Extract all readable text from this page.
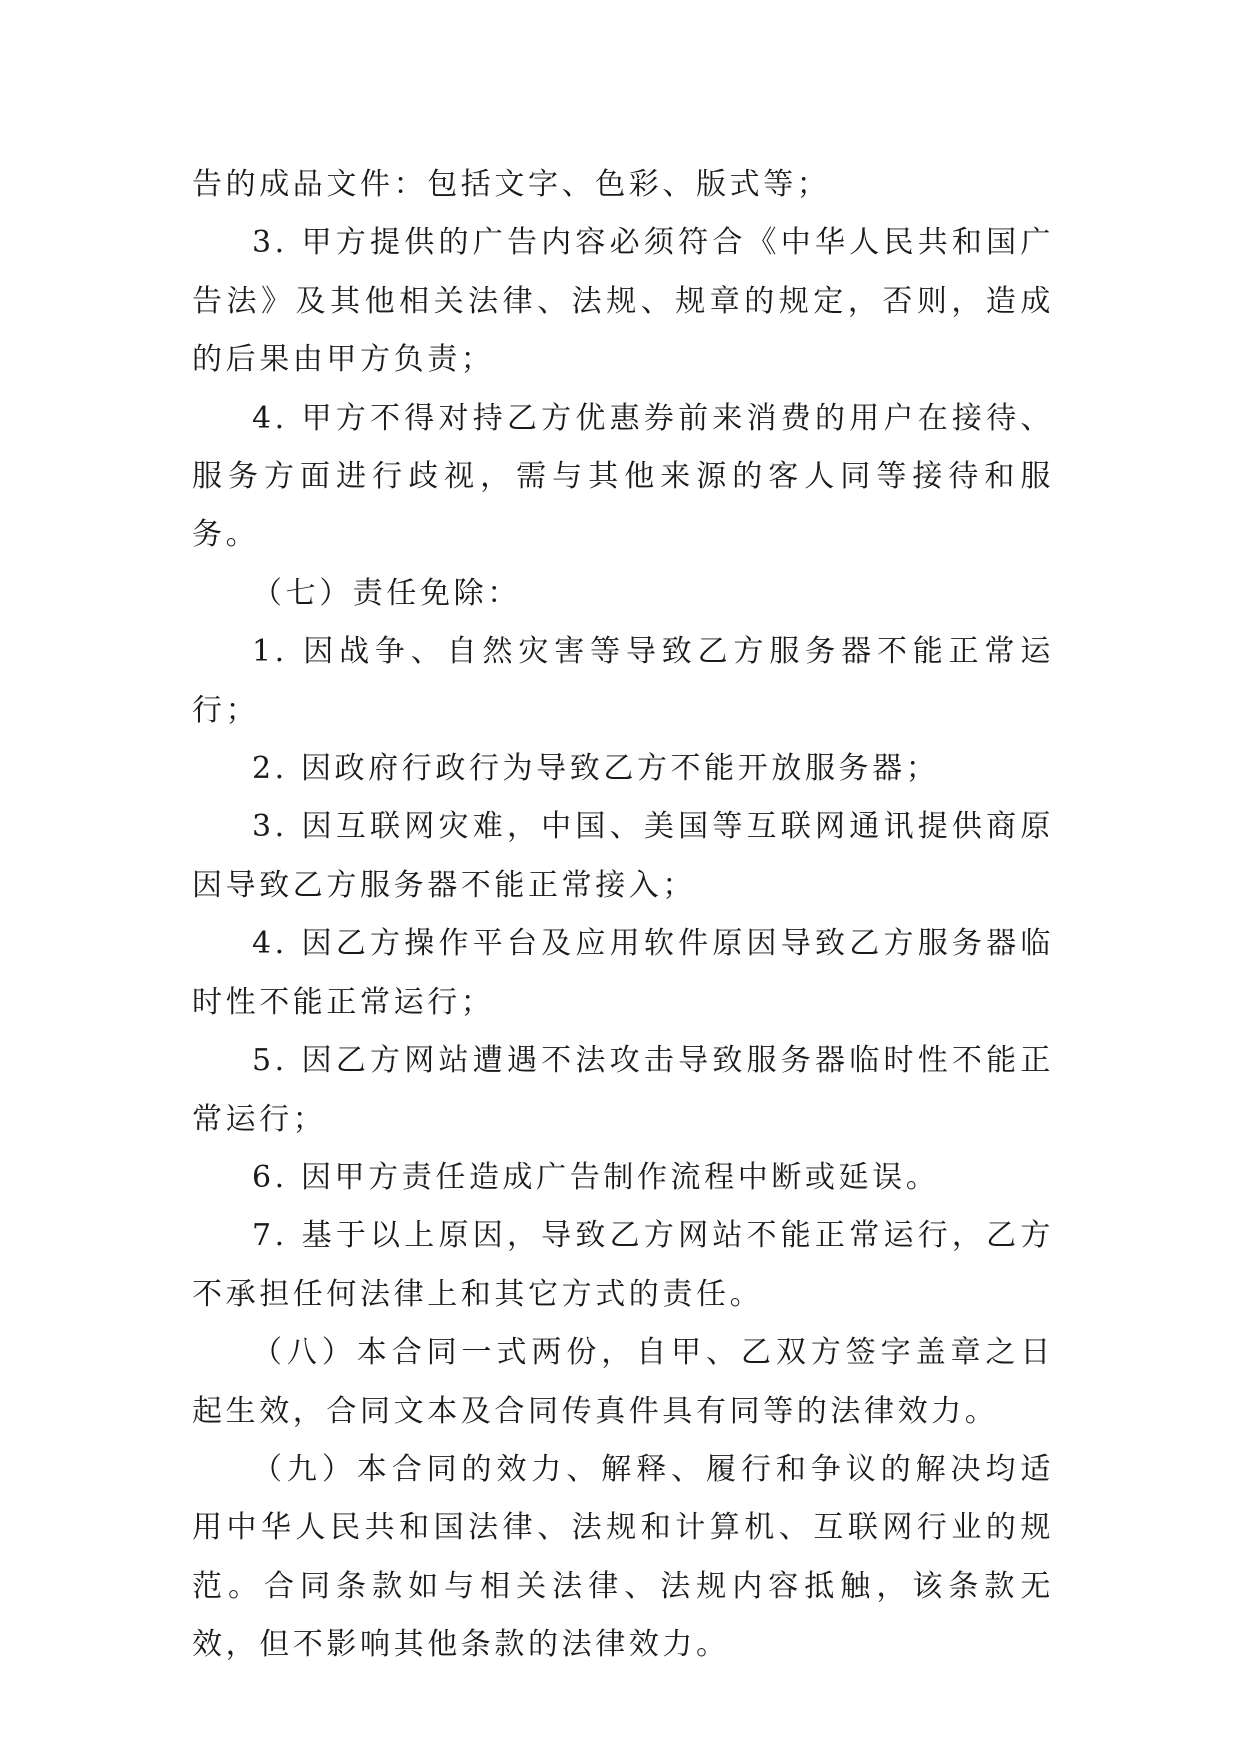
告的成品文件：包括文字、色彩、版式等；

3. 甲方提供的广告内容必须符合《中华人民共和国广告法》及其他相关法律、法规、规章的规定，否则，造成的后果由甲方负责；

4. 甲方不得对持乙方优惠券前来消费的用户在接待、服务方面进行歧视，需与其他来源的客人同等接待和服务。

（七）责任免除：

1. 因战争、自然灾害等导致乙方服务器不能正常运行；

2. 因政府行政行为导致乙方不能开放服务器；

3. 因互联网灾难，中国、美国等互联网通讯提供商原因导致乙方服务器不能正常接入；

4. 因乙方操作平台及应用软件原因导致乙方服务器临时性不能正常运行；

5. 因乙方网站遭遇不法攻击导致服务器临时性不能正常运行；

6. 因甲方责任造成广告制作流程中断或延误。

7. 基于以上原因，导致乙方网站不能正常运行，乙方不承担任何法律上和其它方式的责任。

（八）本合同一式两份，自甲、乙双方签字盖章之日起生效，合同文本及合同传真件具有同等的法律效力。

（九）本合同的效力、解释、履行和争议的解决均适用中华人民共和国法律、法规和计算机、互联网行业的规范。合同条款如与相关法律、法规内容抵触，该条款无效，但不影响其他条款的法律效力。
